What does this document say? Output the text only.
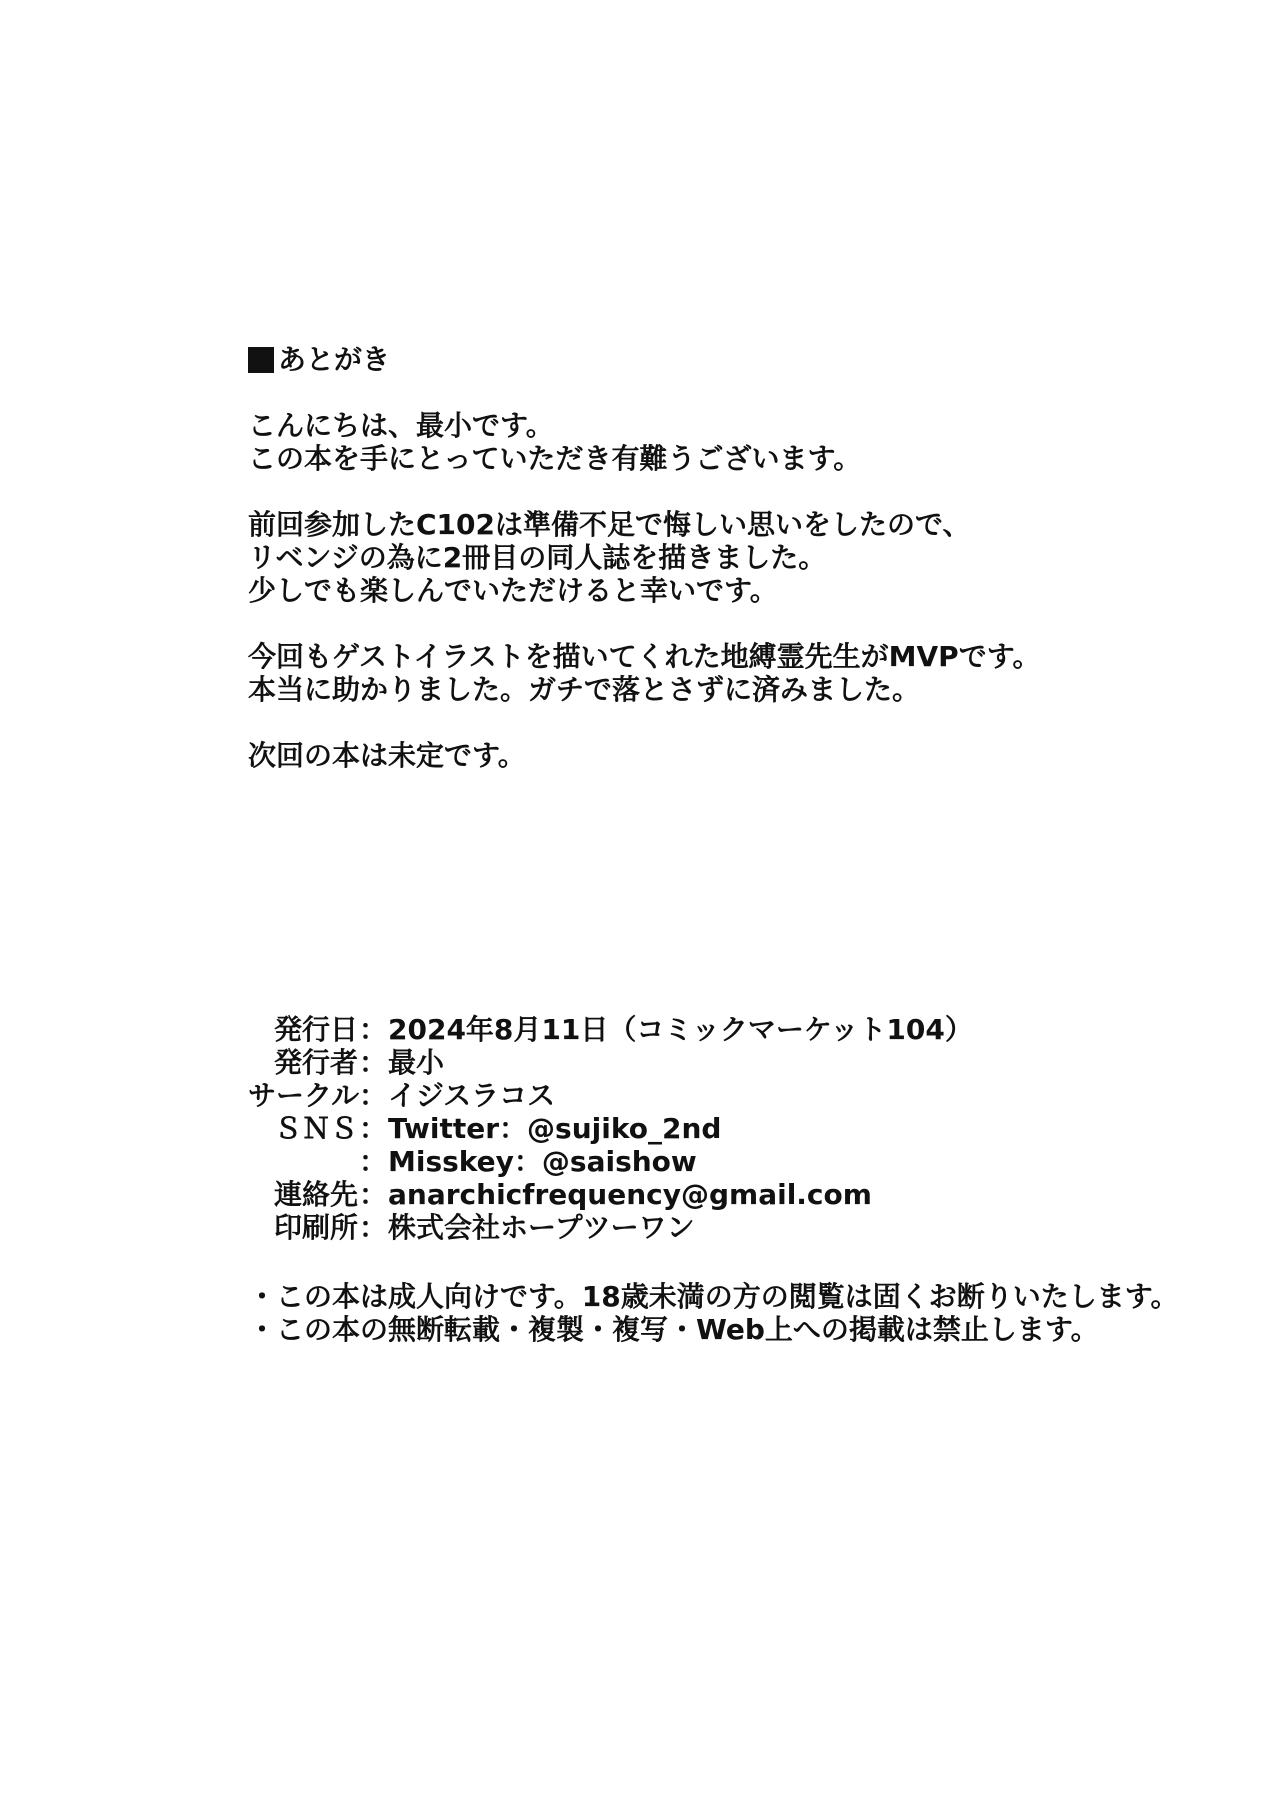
あとがき
こんにちは、最小です。
この本を手にとっていただき有難うございます。
前回参加したC102は準備不足で悔しい思いをしたので、
リベンジの為に2冊目の同人誌を描きました。
少しでも楽しんでいただけると幸いです。
今回もゲストイラストを描いてくれた地縛霊先生がMVPです。
本当に助かりました。ガチで落とさずに済みました。
次回の本は未定です。
発行日 ： 2024年8月11日（コミックマーケット104）
発行者 ： 最小
サークル ： イジスラコス
ＳＮＳ ： Twitter：@sujiko_2nd
： Misskey：@saishow
連絡先 ： anarchicfrequency@gmail.com
印刷所 ： 株式会社ホープツーワン
・この本は成人向けです。18歳未満の方の閲覧は固くお断りいたします。
・この本の無断転載・複製・複写・Web上への掲載は禁止します。
